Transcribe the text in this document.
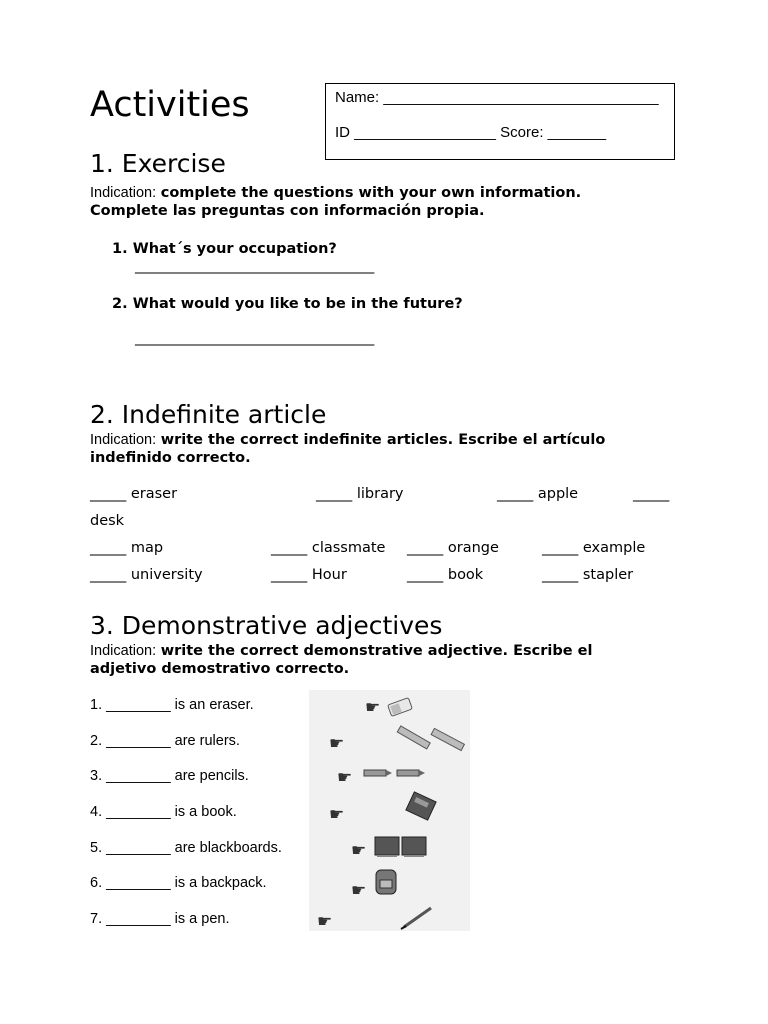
Activities	Name: _________________________________
ID _________________ Score: _______
1. Exercise
Indication: complete the questions with your own information. Complete las preguntas con información propia.
1. What´s your occupation?
_________________________________
2. What would you like to be in the future?
_________________________________
2. Indefinite article
Indication: write the correct indefinite articles. Escribe el artículo indefinido correcto.
_____ eraser	_____ library	_____ apple	_____
desk
_____ map	_____ classmate _____ orange	_____ example
_____ university	_____ Hour	_____ book	_____ stapler
3. Demonstrative adjectives
Indication: write the correct demonstrative adjective. Escribe el adjetivo demostrativo correcto.
1. ________ is an eraser.
2. ________ are rulers.
3. ________ are pencils.
4. ________ is a book.
5. ________ are blackboards.
6. ________ is a backpack.
7. ________ is a pen.
☛
☛
☛
☛
☛
☛
☛
